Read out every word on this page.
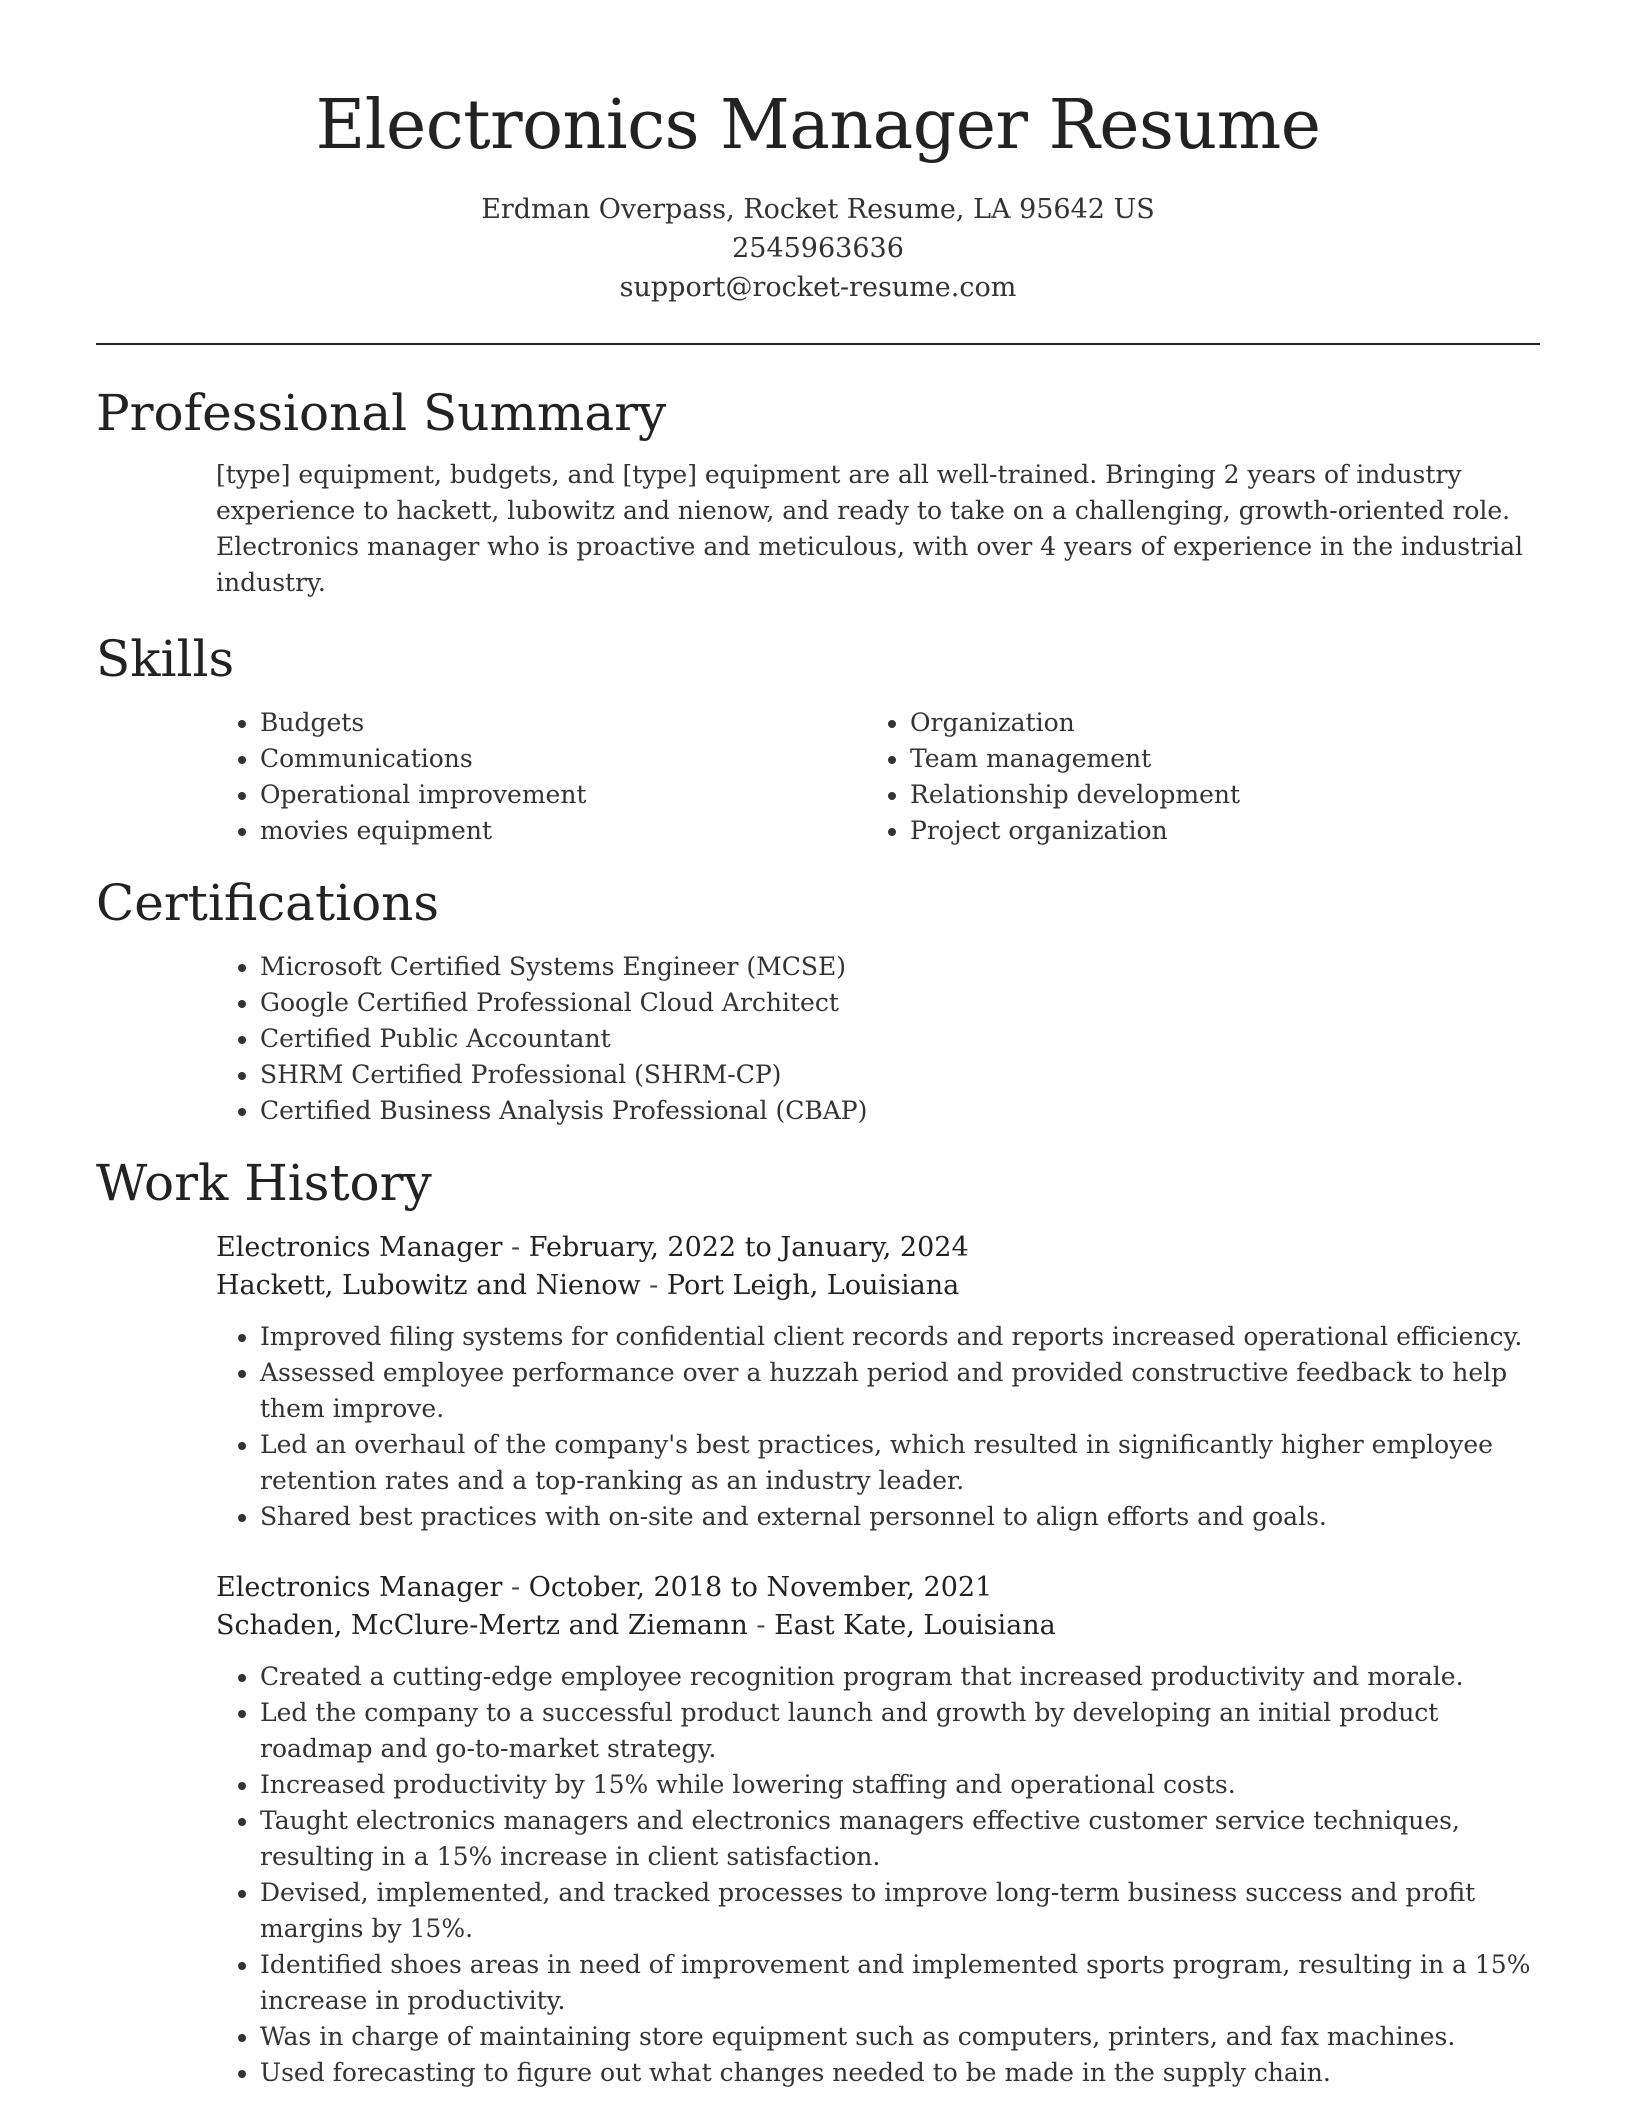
Electronics Manager Resume
Erdman Overpass, Rocket Resume, LA 95642 US
2545963636
support@rocket-resume.com
Professional Summary

[type] equipment, budgets, and [type] equipment are all well-trained. Bringing 2 years of industry experience to hackett, lubowitz and nienow, and ready to take on a challenging, growth-oriented role. Electronics manager who is proactive and meticulous, with over 4 years of experience in the industrial industry.

Skills
• Budgets
• Communications
• Operational improvement
• movies equipment
• Organization
• Team management
• Relationship development
• Project organization
Certifications
• Microsoft Certified Systems Engineer (MCSE)
• Google Certified Professional Cloud Architect
• Certified Public Accountant
• SHRM Certified Professional (SHRM-CP)
• Certified Business Analysis Professional (CBAP)
Work History
Electronics Manager - February, 2022 to January, 2024
Hackett, Lubowitz and Nienow - Port Leigh, Louisiana
• Improved filing systems for confidential client records and reports increased operational efficiency.
• Assessed employee performance over a huzzah period and provided constructive feedback to help them improve.
• Led an overhaul of the company's best practices, which resulted in significantly higher employee retention rates and a top-ranking as an industry leader.
• Shared best practices with on-site and external personnel to align efforts and goals.
Electronics Manager - October, 2018 to November, 2021
Schaden, McClure-Mertz and Ziemann - East Kate, Louisiana
• Created a cutting-edge employee recognition program that increased productivity and morale.
• Led the company to a successful product launch and growth by developing an initial product roadmap and go-to-market strategy.
• Increased productivity by 15% while lowering staffing and operational costs.
• Taught electronics managers and electronics managers effective customer service techniques, resulting in a 15% increase in client satisfaction.
• Devised, implemented, and tracked processes to improve long-term business success and profit margins by 15%.
• Identified shoes areas in need of improvement and implemented sports program, resulting in a 15% increase in productivity.
• Was in charge of maintaining store equipment such as computers, printers, and fax machines.
• Used forecasting to figure out what changes needed to be made in the supply chain.
